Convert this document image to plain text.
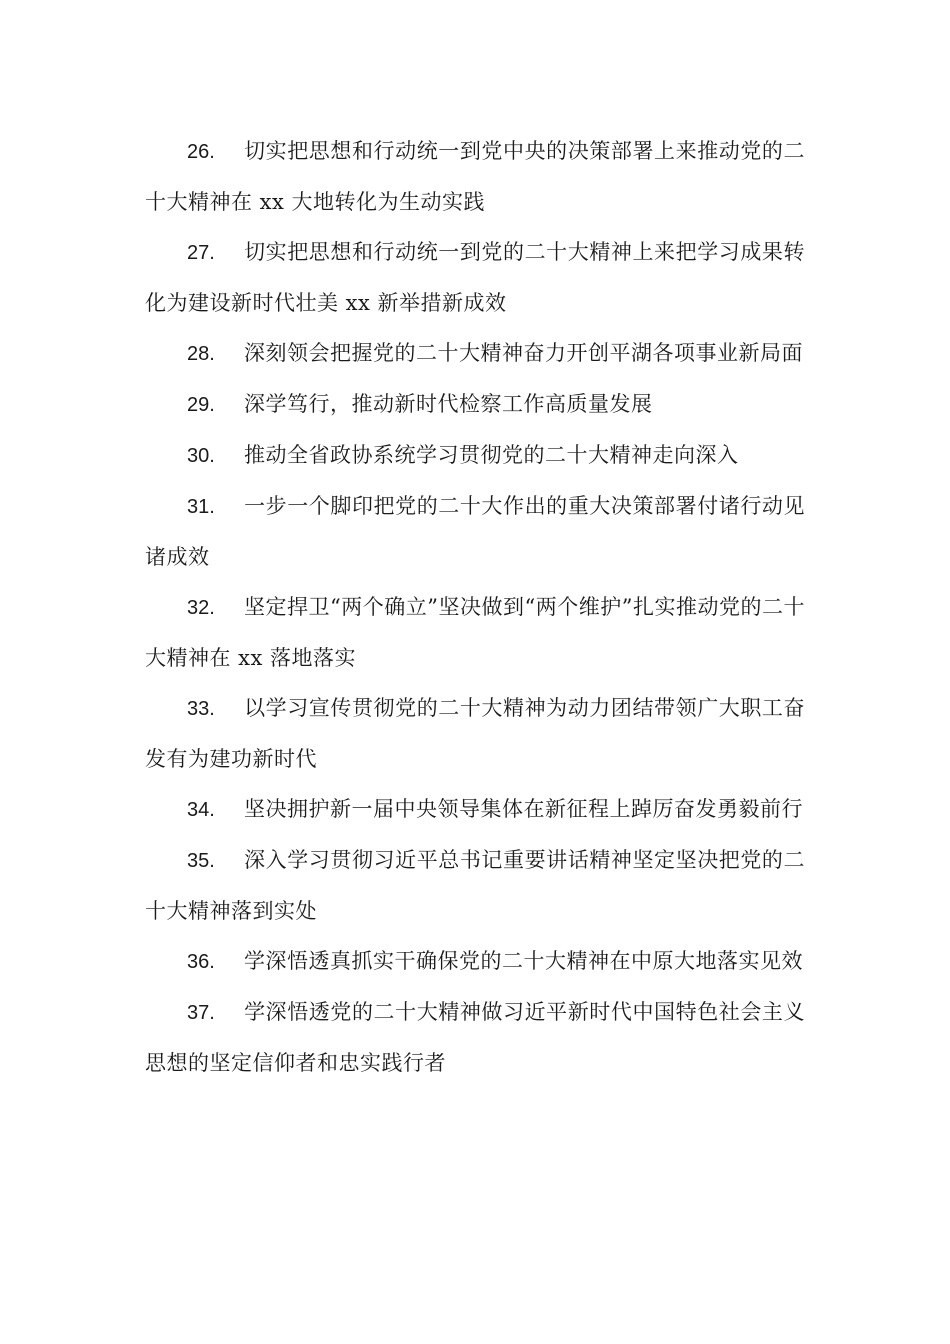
26. 切实把思想和行动统一到党中央的决策部署上来推动党的二十大精神在 xx 大地转化为生动实践

27. 切实把思想和行动统一到党的二十大精神上来把学习成果转化为建设新时代壮美 xx 新举措新成效

28. 深刻领会把握党的二十大精神奋力开创平湖各项事业新局面

29. 深学笃行，推动新时代检察工作高质量发展

30. 推动全省政协系统学习贯彻党的二十大精神走向深入

31. 一步一个脚印把党的二十大作出的重大决策部署付诸行动见诸成效

32. 坚定捍卫“两个确立”坚决做到“两个维护”扎实推动党的二十大精神在 xx 落地落实

33. 以学习宣传贯彻党的二十大精神为动力团结带领广大职工奋发有为建功新时代

34. 坚决拥护新一届中央领导集体在新征程上踔厉奋发勇毅前行

35. 深入学习贯彻习近平总书记重要讲话精神坚定坚决把党的二十大精神落到实处

36. 学深悟透真抓实干确保党的二十大精神在中原大地落实见效

37. 学深悟透党的二十大精神做习近平新时代中国特色社会主义思想的坚定信仰者和忠实践行者
